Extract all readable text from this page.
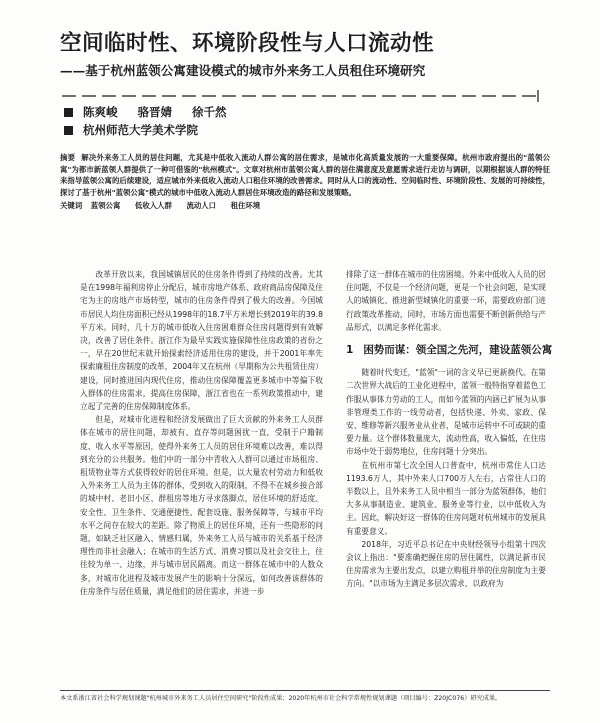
空间临时性、环境阶段性与人口流动性
——基于杭州蓝领公寓建设模式的城市外来务工人员租住环境研究
陈爽峻 骆晋婧 徐千然
杭州师范大学美术学院

摘要 解决外来务工人员的居住问题，尤其是中低收入流动人群公寓的居住需求，是城市化高质量发展的一大重要保障。杭州市政府提出的"蓝领公寓"为都市新蓝领人群提供了一种可借鉴的"杭州模式"。文章对杭州市蓝领公寓人群的居住满意度及意愿需求进行走访与调研，以期根据该人群的特征来指导蓝领公寓的后续建设，适应城市外来低收入流动人口租住环境的改善需求。同时从人口的流动性、空间临时性、环境阶段性、发展的可持续性，探讨了基于杭州"蓝领公寓"模式的城市中低收入流动人群居住环境改造的路径和发展策略。

关键词 蓝领公寓 低收入人群 流动人口 租住环境

改革开放以来，我国城镇居民的住房条件得到了持续的改善。尤其是在1998年福利房停止分配后，城市房地产体系、政府商品房保障及住宅为主的房地产市场转型，城市的住房条件得到了极大的改善。今国城市居民人均住房面积已经从1998年的18.7平方米增长到2019年的39.8平方米。同时，几十万的城市低收入住房困难群众住房问题得到有效解决，改善了居住条件。浙江作为最早实践实施保障性住房政策的省份之一，早在20世纪末就开始探索经济适用住房的建设，并于2001年率先探索廉租住房制度的改革，2004年又在杭州（早期称为公共租赁住房）建设，同时推进国内现代住房，推动住房保障覆盖更多城市中等偏下收入群体的住房需求，提高住房保障，浙江省也在一系列政策推动中，建立起了完善的住房保障制度体系。

但是，对城市化进程和经济发展做出了巨大贡献的外来务工人员群体在城市的居住问题，却被有、直存等问题困扰一直，受制于户籍制度、收入水平等原因，使得外来务工人员的居住环境难以改善，难以得到充分的公共服务。他们中的一部分中青收入人群可以通过市场租房、租赁物业等方式获得较好的居住环境。但是，以大量农村劳动力和低收入外来务工人员为主体的群体，受到收入的限制，不得不在城乡接合部的城中村、老旧小区、群租房等地方寻求落脚点，居住环境的舒适度、安全性、卫生条件、交通便捷性、配套设施、服务保障等，与城市平均水平之间存在较大的差距。除了物质上的居住环境，还有一些隐形的问题，如缺乏社区融入、情感归属，外来务工人员与城市的关系基于经济理性而非社会融入；在城市的生活方式、消费习惯以及社会交往上，往往较为单一、边缘，并与城市居民隔离。而这一群体在城市中的人数众多，对城市化进程及城市发展产生的影响十分深远，如何改善该群体的住房条件与居住质量，满足他们的居住需求，并进一步

排除了这一群体在城市的住房困境。外来中低收入人员的居住问题，不仅是一个经济问题，更是一个社会问题，是实现人的城镇化、推进新型城镇化的重要一环，需要政府部门进行政策改革推动，同时，市场方面也需要不断创新供给与产品形式，以满足多样化需求。

1 困势而谋：领全国之先河，建设蓝领公寓

随着时代变迁，"蓝领"一词的含义早已更新换代。在第二次世界大战后的工业化进程中，蓝领一般特指穿着蓝色工作服从事体力劳动的工人，而如今蓝领的内涵已扩展为从事非管理类工作的一线劳动者，包括快递、外卖、家政、保安、维修等新兴服务业从业者，是城市运转中不可或缺的重要力量。这个群体数量庞大，流动性高，收入偏低，在住房市场中处于弱势地位，住房问题十分突出。

在杭州市第七次全国人口普查中，杭州市常住人口达1193.6万人，其中外来人口700万人左右，占常住人口的半数以上，且外来务工人员中相当一部分为蓝领群体，他们大多从事制造业、建筑业、服务业等行业，以中低收入为主。因此，解决好这一群体的住房问题对杭州城市的发展具有重要意义。

2018年，习近平总书记在中央财经领导小组第十四次会议上指出："要准确把握住房的居住属性，以满足新市民住房需求为主要出发点，以建立购租并举的住房制度为主要方向。"以市场为主满足多层次需求，以政府为

本文系浙江省社会科学规划课题"杭州城市外来务工人员居住空间研究"阶段性成果；2020年杭州市社会科学常规性规划课题（项目编号：Z20JC076）研究成果。
